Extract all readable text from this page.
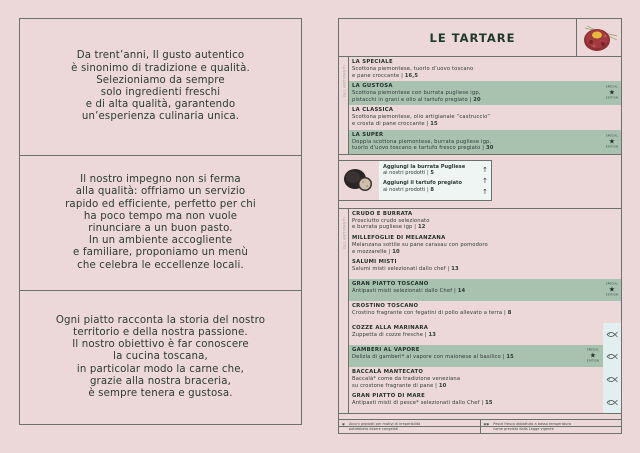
Da trent’anni, Il gusto autentico
è sinonimo di tradizione e qualità.
Selezioniamo da sempre
solo ingredienti freschi
e di alta qualità, garantendo
un’esperienza culinaria unica.

Il nostro impegno non si ferma
alla qualità: offriamo un servizio
rapido ed efficiente, perfetto per chi
ha poco tempo ma non vuole
rinunciare a un buon pasto.
In un ambiente accogliente
e familiare, proponiamo un menù
che celebra le eccellenze locali.

Ogni piatto racconta la storia del nostro
territorio e della nostra passione.
Il nostro obiettivo è far conoscere
la cucina toscana,
in particolar modo la carne che,
grazie alla nostra braceria,
è sempre tenera e gustosa.

LE TARTARE
GLI ANTIPASTI
LA SPECIALE
Scottona piemontese, tuorlo d’uovo toscano
e pane croccante | 16,5
LA GUSTOSA
Scottona piemontese con burrata pugliese igp,
pistacchi in grani e olio al tartufo pregiato | 20
SPECIAL
★
EDITION
LA CLASSICA
Scottona piemontese, olio artigianale “castruccio”
e crosta di pane croccante | 15
LA SUPER
Doppia scottona piemontese, burrata pugliese igp,
tuorlo d’uovo toscano e tartufo fresco pregiato | 30
SPECIAL
★
EDITION
Aggiungi la burrata Pugliese
ai nostri prodotti | 5
Aggiungi il tartufo pregiato
ai nostri prodotti | 8
↑
↑
↑
GLI ANTIPASTI
CRUDO E BURRATA
Prosciutto crudo selezionato
e burrata pugliese igp | 12
MILLEFOGLIE DI MELANZANA
Melanzana sottile su pane carasau con pomodoro
e mozzarelle | 10
SALUMI MISTI
Salumi misti selezionati dallo chef | 13
GRAN PIATTO TOSCANO
Antipasti misti selezionati dallo Chef | 14
SPECIAL
★
EDITION
CROSTINO TOSCANO
Crostino fragrante con fegatini di pollo allevato a terra | 8
COZZE ALLA MARINARA
Zuppetta di cozze fresche | 13
GAMBERI AL VAPORE
Delizia di gamberi* al vapore con maionese al basilico | 15
SPECIAL
★
EDITION
BACCALÀ MANTECATO
Baccalà* come da tradizione veneziana
su crostone fragrante di pane | 10
GRAN PIATTO DI MARE
Antipasti misti di pesce* selezionati dallo Chef | 15
* Alcuni prodotti per motivi di irreperibilità
potrebbero essere congelati	** Pesce fresco abbattuto a bassa temperatura
come previsto dalla Legge vigente
